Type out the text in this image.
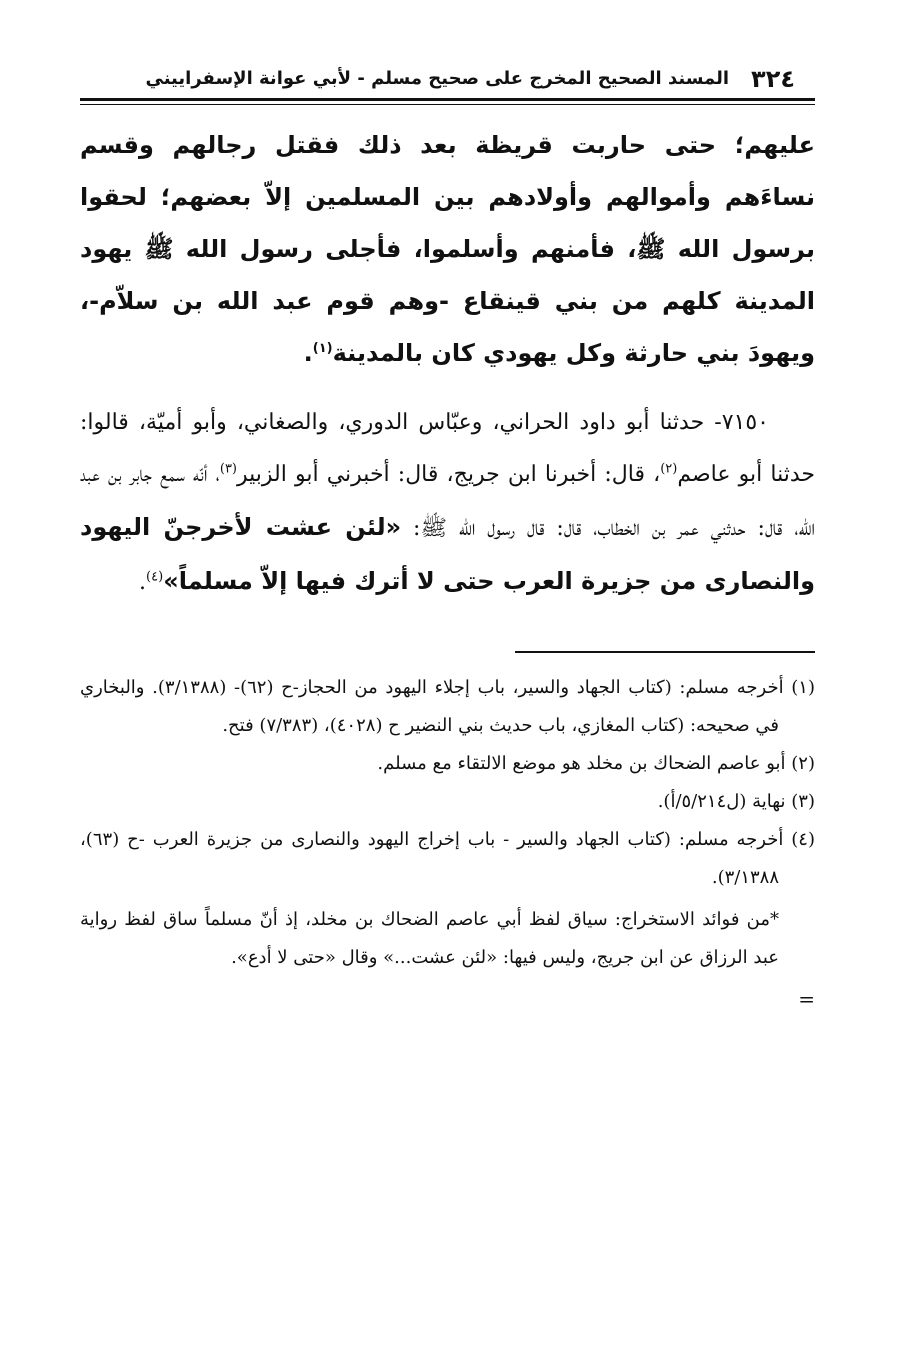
٣٢٤
المسند الصحيح المخرج على صحيح مسلم - لأبي عوانة الإسفراييني

عليهم؛ حتى حاربت قريظة بعد ذلك فقتل رجالهم وقسم نساءَهم وأموالهم وأولادهم بين المسلمين إلاّ بعضهم؛ لحقوا برسول الله ﷺ، فأمنهم وأسلموا، فأجلى رسول الله ﷺ يهود المدينة كلهم من بني قينقاع -وهم قوم عبد الله بن سلاّم-، ويهودَ بني حارثة وكل يهودي كان بالمدينة$^{(١)}$.

٧١٥٠- حدثنا أبو داود الحراني، وعبّاس الدوري، والصغاني، وأبو أميّة، قالوا: حدثنا أبو عاصم$^{(٢)}$، قال: أخبرنا ابن جريج، قال: أخبرني أبو الزبير$^{(٣)}$، أنّه سمع جابر بن عبد الله، قال: حدثني عمر بن الخطاب، قال: قال رسول الله ﷺ: «لئن عشت لأخرجنّ اليهود والنصارى من جزيرة العرب حتى لا أترك فيها إلاّ مسلماً»$^{(٤)}$.

(١) أخرجه مسلم: (كتاب الجهاد والسير، باب إجلاء اليهود من الحجاز-ح (٦٢)- (٣/١٣٨٨). والبخاري في صحيحه: (كتاب المغازي، باب حديث بني النضير ح (٤٠٢٨)، (٧/٣٨٣) فتح.

(٢) أبو عاصم الضحاك بن مخلد هو موضع الالتقاء مع مسلم.

(٣) نهاية (ل٥/٢١٤/أ).

(٤) أخرجه مسلم: (كتاب الجهاد والسير - باب إخراج اليهود والنصارى من جزيرة العرب -ح (٦٣)، ٣/١٣٨٨).

*من فوائد الاستخراج: سياق لفظ أبي عاصم الضحاك بن مخلد، إذ أنّ مسلماً ساق لفظ رواية عبد الرزاق عن ابن جريج، وليس فيها: «لئن عشت...» وقال «حتى لا أدع».

=
